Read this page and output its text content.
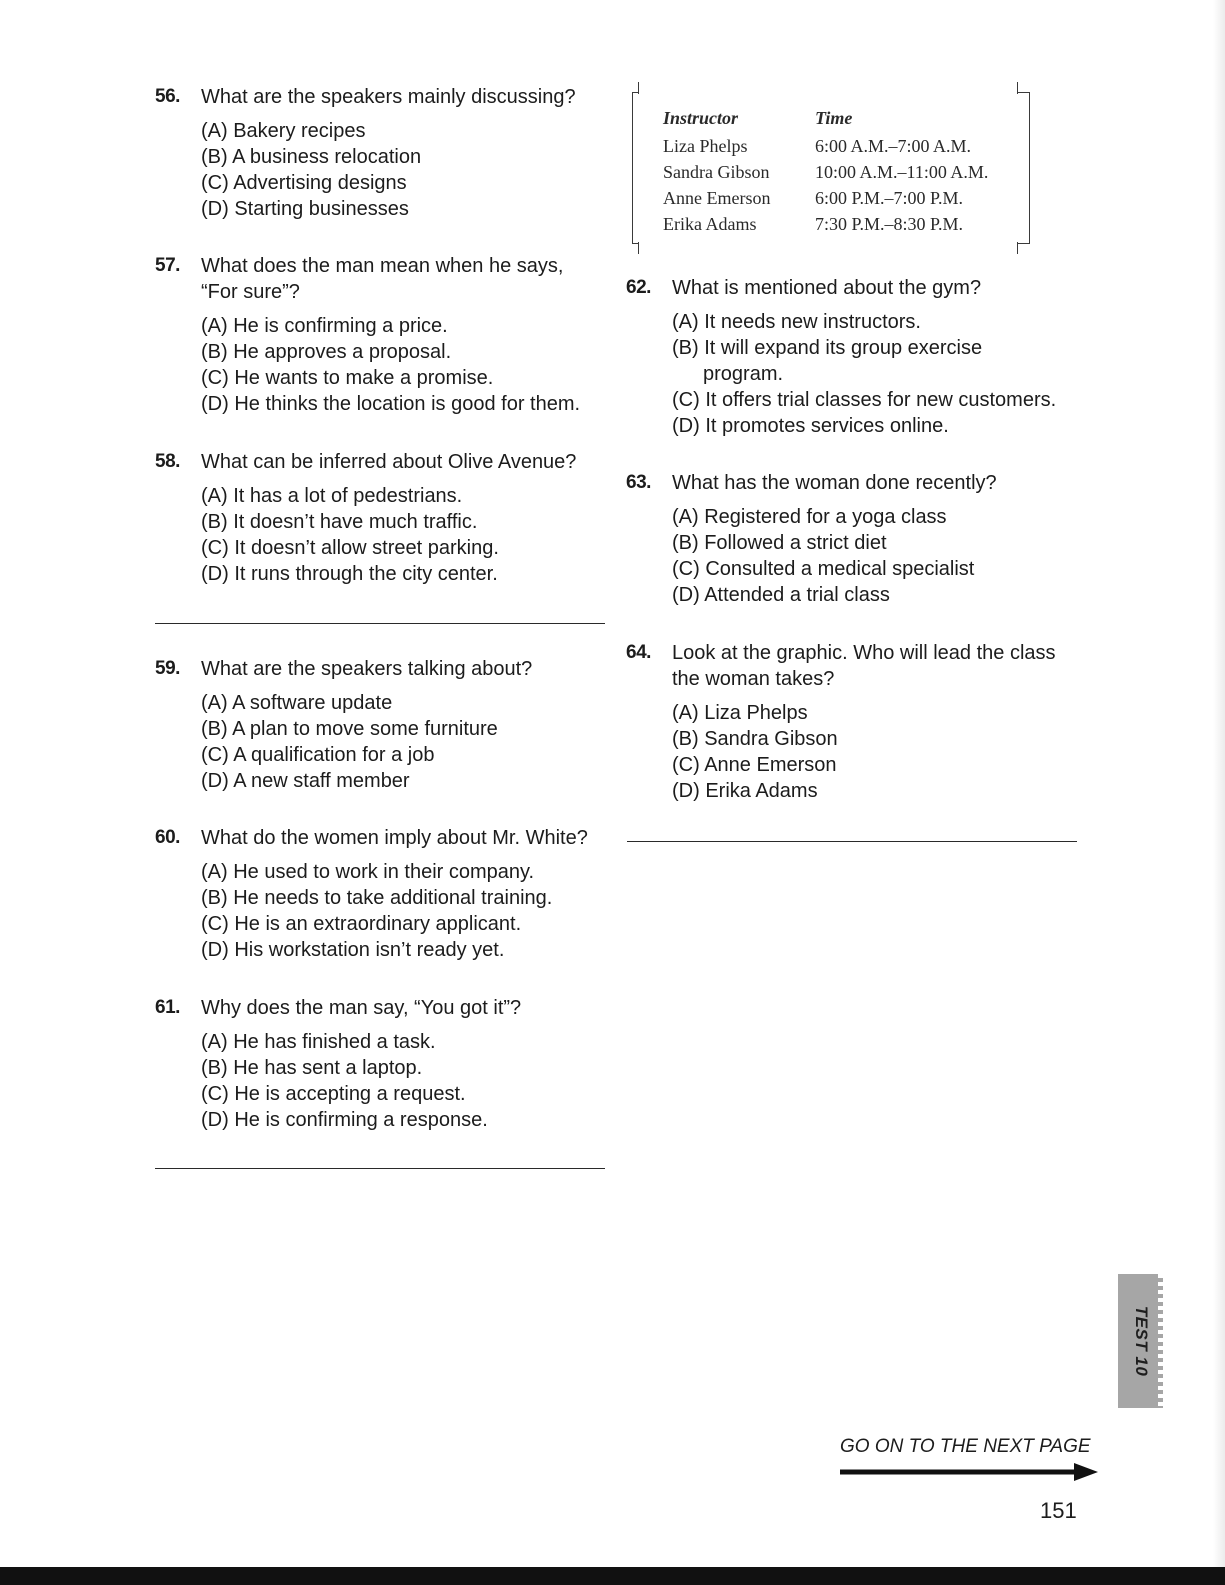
56.	What are the speakers mainly discussing?
(A) Bakery recipes
(B) A business relocation
(C) Advertising designs
(D) Starting businesses
57.	What does the man mean when he says, “For sure”?
(A) He is confirming a price.
(B) He approves a proposal.
(C) He wants to make a promise.
(D) He thinks the location is good for them.
58.	What can be inferred about Olive Avenue?
(A) It has a lot of pedestrians.
(B) It doesn’t have much traffic.
(C) It doesn’t allow street parking.
(D) It runs through the city center.
59.	What are the speakers talking about?
(A) A software update
(B) A plan to move some furniture
(C) A qualification for a job
(D) A new staff member
60.	What do the women imply about Mr. White?
(A) He used to work in their company.
(B) He needs to take additional training.
(C) He is an extraordinary applicant.
(D) His workstation isn’t ready yet.
61.	Why does the man say, “You got it”?
(A) He has finished a task.
(B) He has sent a laptop.
(C) He is accepting a request.
(D) He is confirming a response.
Instructor	Time
Liza Phelps	6:00 A.M.–7:00 A.M.
Sandra Gibson	10:00 A.M.–11:00 A.M.
Anne Emerson	6:00 P.M.–7:00 P.M.
Erika Adams	7:30 P.M.–8:30 P.M.
62.	What is mentioned about the gym?
(A) It needs new instructors.
(B) It will expand its group exercise program.
(C) It offers trial classes for new customers.
(D) It promotes services online.
63.	What has the woman done recently?
(A) Registered for a yoga class
(B) Followed a strict diet
(C) Consulted a medical specialist
(D) Attended a trial class
64.	Look at the graphic. Who will lead the class the woman takes?
(A) Liza Phelps
(B) Sandra Gibson
(C) Anne Emerson
(D) Erika Adams
TEST 10
GO ON TO THE NEXT PAGE
151
